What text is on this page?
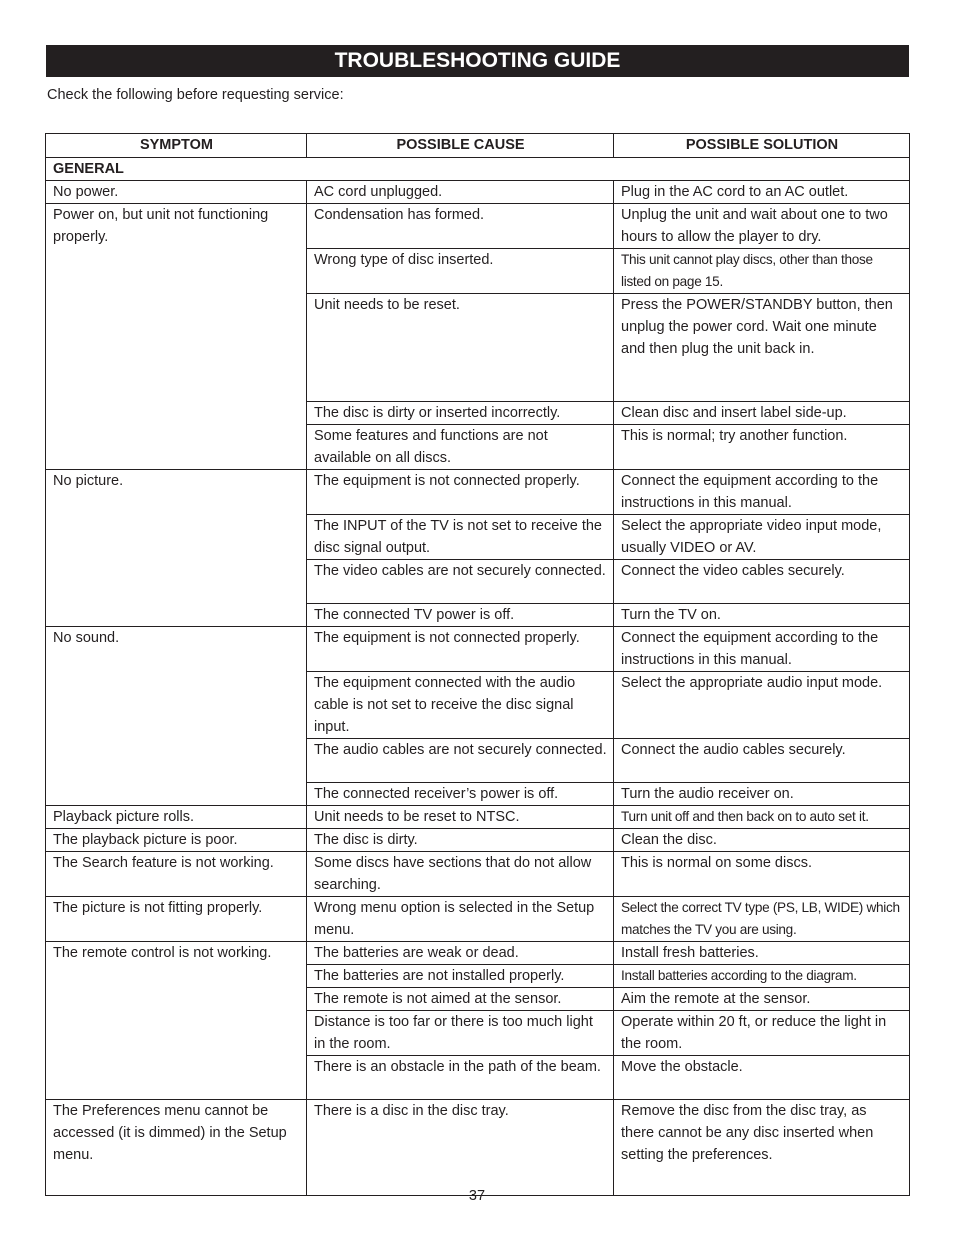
TROUBLESHOOTING GUIDE
Check the following before requesting service:
SYMPTOM	POSSIBLE CAUSE	POSSIBLE SOLUTION
GENERAL		
No power.	AC cord unplugged.	Plug in the AC cord to an AC outlet.
Power on, but unit not functioning properly.	Condensation has formed.	Unplug the unit and wait about one to two hours to allow the player to dry.
	Wrong type of disc inserted.	This unit cannot play discs, other than those listed on page 15.
	Unit needs to be reset.	Press the POWER/STANDBY button, then unplug the power cord. Wait one minute and then plug the unit back in.
	The disc is dirty or inserted incorrectly.	Clean disc and insert label side-up.
	Some features and functions are not available on all discs.	This is normal; try another function.
No picture.	The equipment is not connected properly.	Connect the equipment according to the instructions in this manual.
	The INPUT of the TV is not set to receive the disc signal output.	Select the appropriate video input mode, usually VIDEO or AV.
	The video cables are not securely connected.	Connect the video cables securely.
	The connected TV power is off.	Turn the TV on.
No sound.	The equipment is not connected properly.	Connect the equipment according to the instructions in this manual.
	The equipment connected with the audio cable is not set to receive the disc signal input.	Select the appropriate audio input mode.
	The audio cables are not securely connected.	Connect the audio cables securely.
	The connected receiver’s power is off.	Turn the audio receiver on.
Playback picture rolls.	Unit needs to be reset to NTSC.	Turn unit off and then back on to auto set it.
The playback picture is poor.	The disc is dirty.	Clean the disc.
The Search feature is not working.	Some discs have sections that do not allow searching.	This is normal on some discs.
The picture is not fitting properly.	Wrong menu option is selected in the Setup menu.	Select the correct TV type (PS, LB, WIDE) which matches the TV you are using.
The remote control is not working.	The batteries are weak or dead.	Install fresh batteries.
	The batteries are not installed properly.	Install batteries according to the diagram.
	The remote is not aimed at the sensor.	Aim the remote at the sensor.
	Distance is too far or there is too much light in the room.	Operate within 20 ft, or reduce the light in the room.
	There is an obstacle in the path of the beam.	Move the obstacle.
The Preferences menu cannot be accessed (it is dimmed) in the Setup menu.	There is a disc in the disc tray.	Remove the disc from the disc tray, as there cannot be any disc inserted when setting the preferences.
37
